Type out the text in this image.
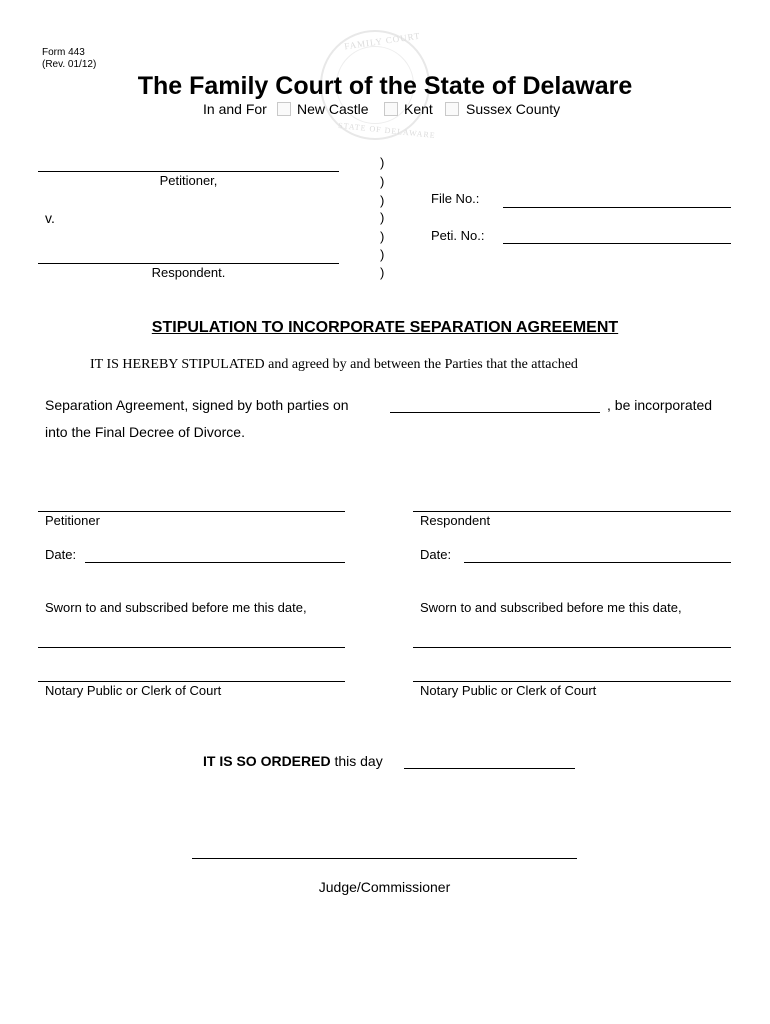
FAMILY COURT
STATE OF DELAWARE
Form 443
(Rev. 01/12)
The Family Court of the State of Delaware
In and For New Castle	Kent Sussex County
Petitioner,
v.
Respondent.
)
)
)
)
)
)
)
File No.:
Peti. No.:
STIPULATION TO INCORPORATE SEPARATION AGREEMENT
IT IS HEREBY STIPULATED and agreed by and between the Parties that the attached
Separation Agreement, signed by both parties on	, be incorporated
into the Final Decree of Divorce.
Petitioner
Date:
Sworn to and subscribed before me this date,
Notary Public or Clerk of Court
Respondent
Date:
Sworn to and subscribed before me this date,
Notary Public or Clerk of Court
IT IS SO ORDERED this day
Judge/Commissioner
